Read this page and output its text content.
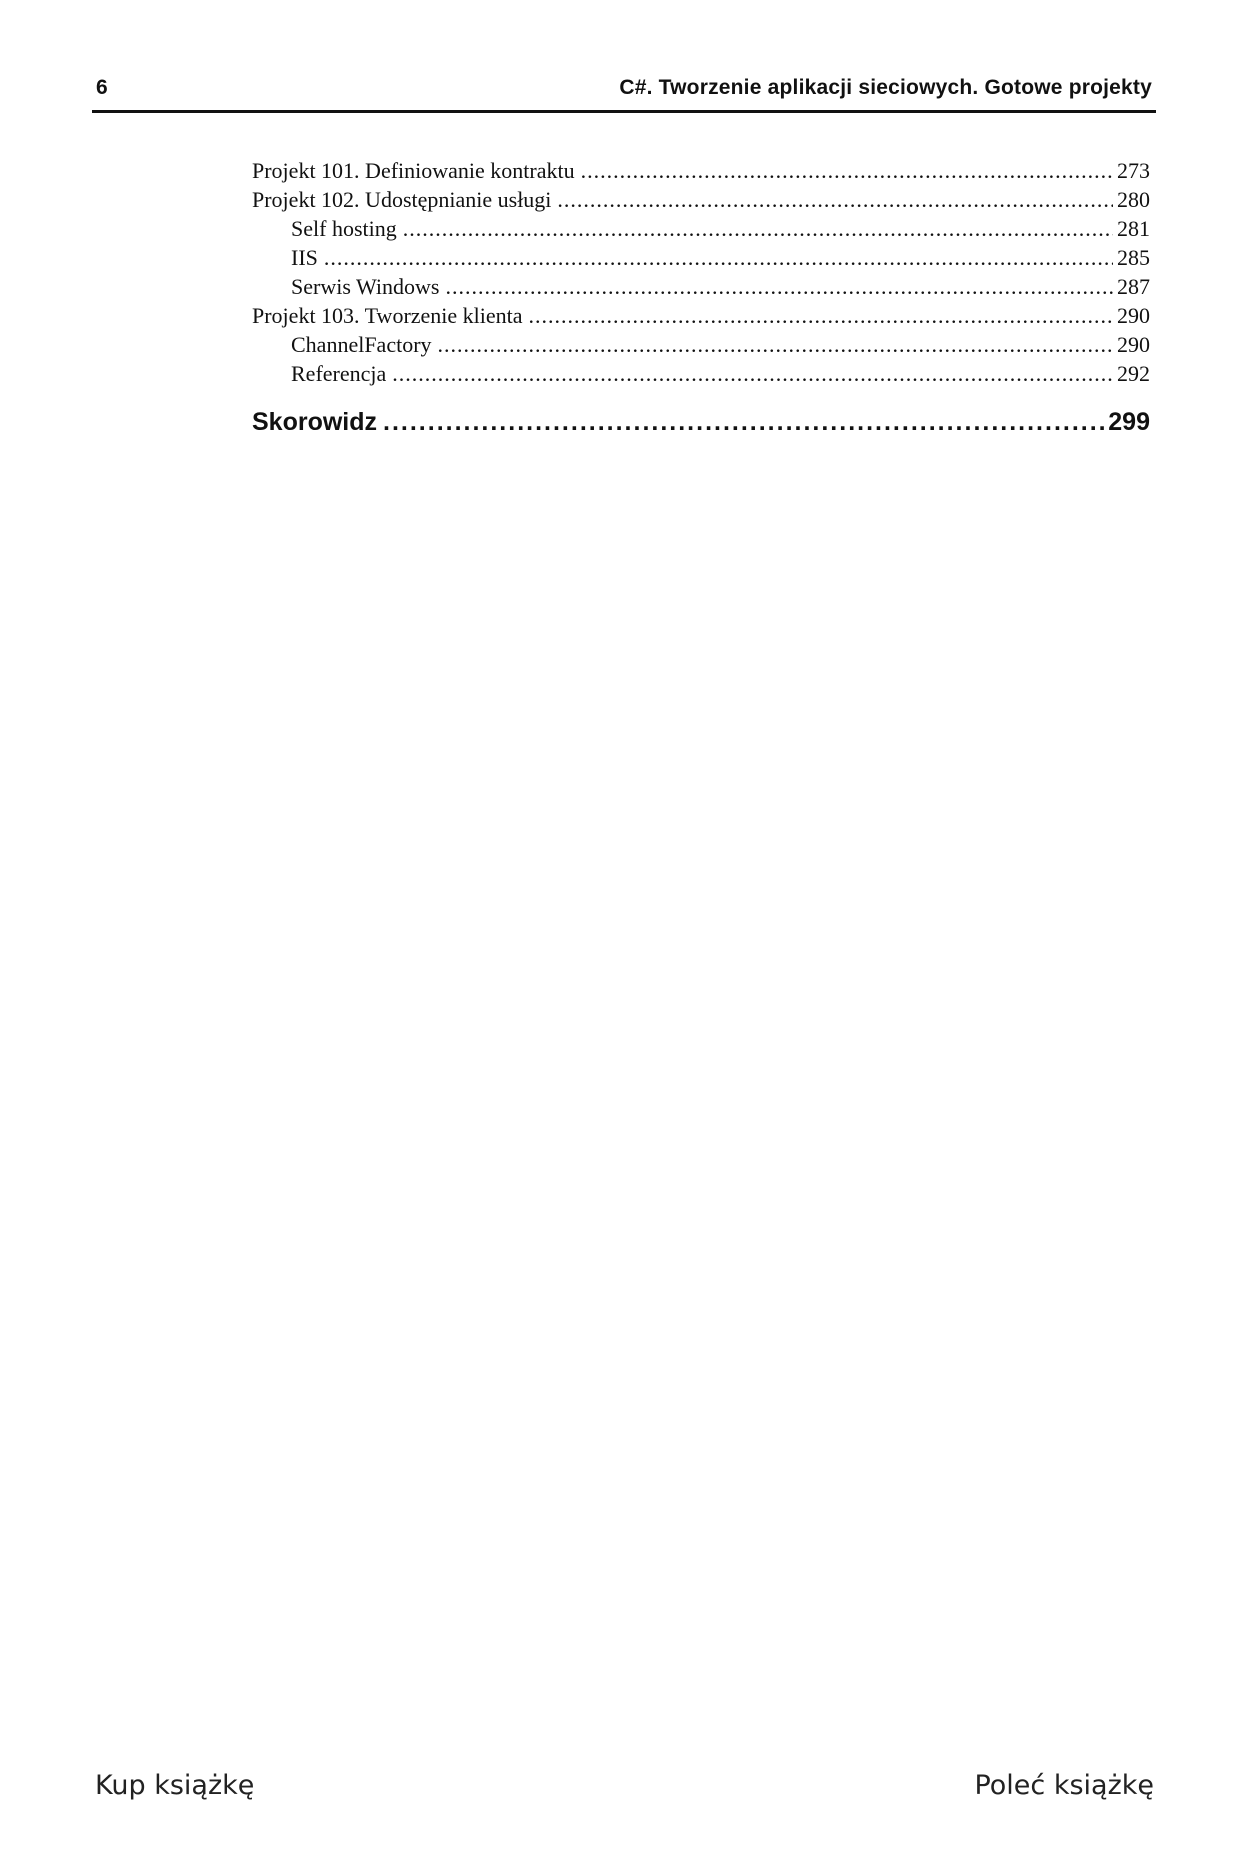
6	C#. Tworzenie aplikacji sieciowych. Gotowe projekty
Projekt 101. Definiowanie kontraktu .....	273
Projekt 102. Udostępnianie usługi .....	280
Self hosting .....	281
IIS .....	285
Serwis Windows .....	287
Projekt 103. Tworzenie klienta .....	290
ChannelFactory .....	290
Referencja .....	292
Skorowidz .....	299
Kup książkę	Poleć książkę
